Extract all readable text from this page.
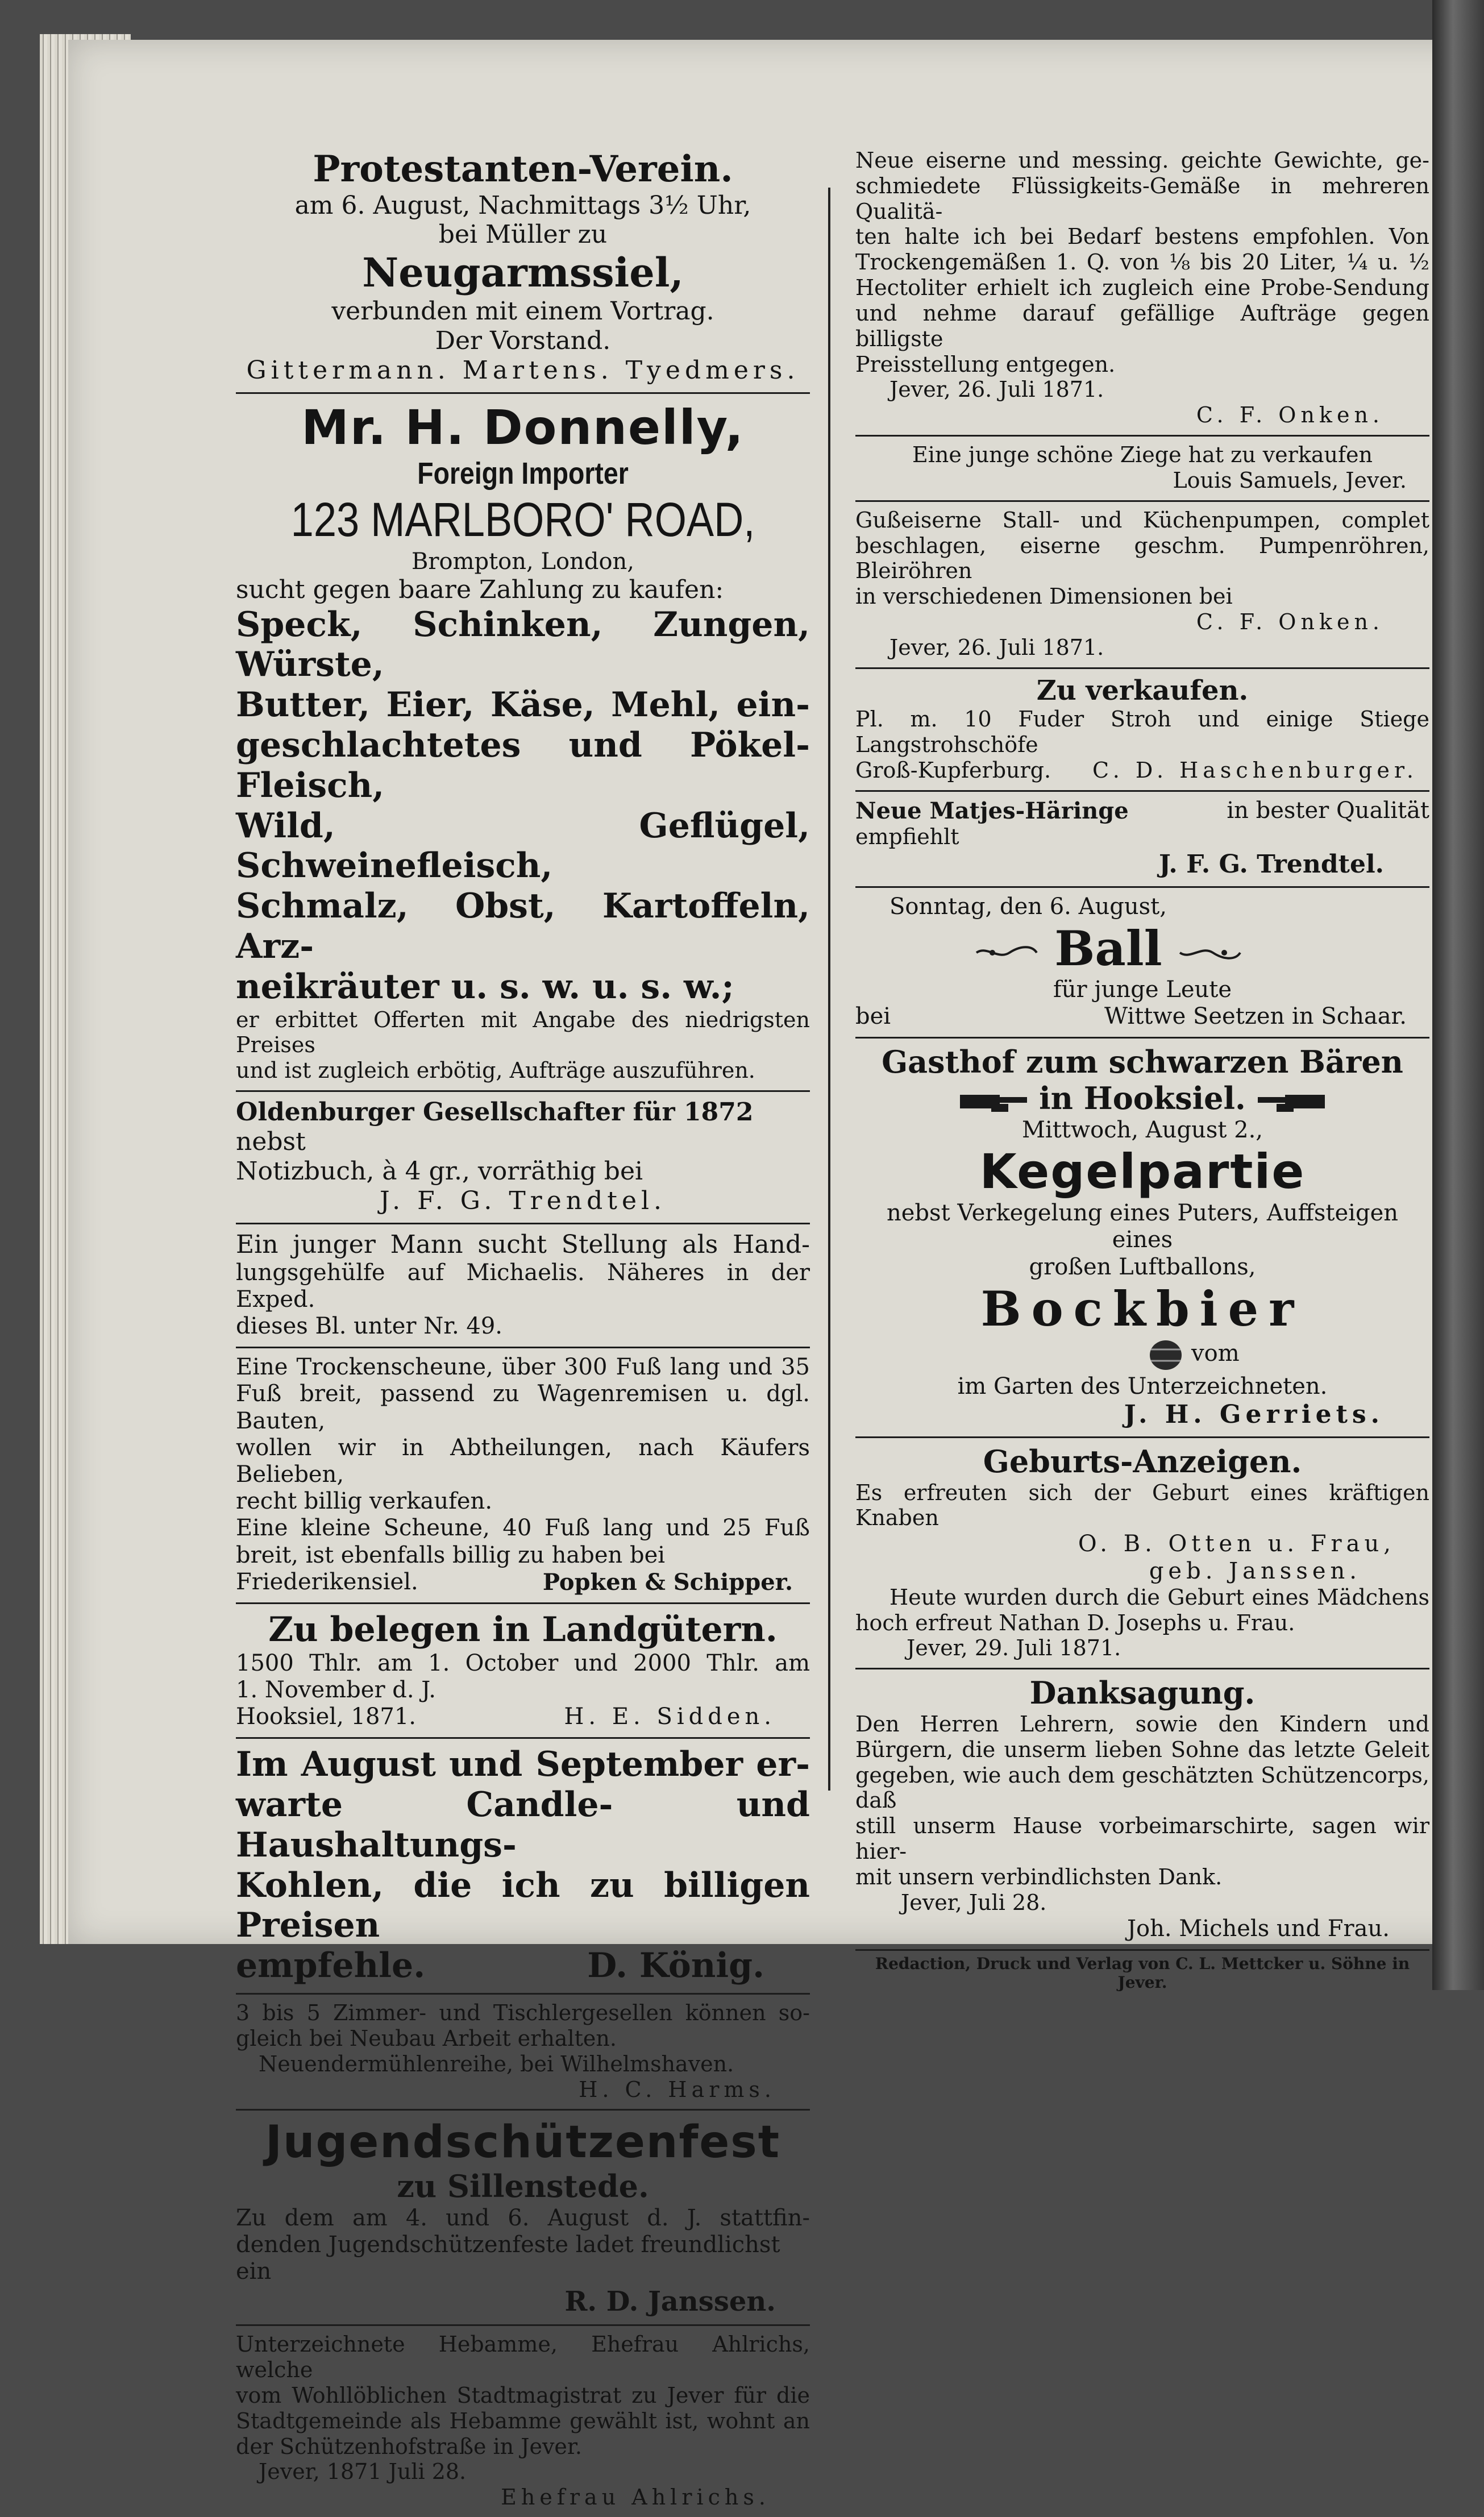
Protestanten-Verein.
am 6. August, Nachmittags 3½ Uhr,
bei Müller zu
Neugarmssiel,
verbunden mit einem Vortrag.
Der Vorstand.
Gittermann. Martens. Tyedmers.
Mr. H. Donnelly,
Foreign Importer
123 MARLBORO' ROAD,
Brompton, London,
sucht gegen baare Zahlung zu kaufen:
Speck, Schinken, Zungen, Würste,
Butter, Eier, Käse, Mehl, ein-
geschlachtetes und Pökel-Fleisch,
Wild, Geflügel, Schweinefleisch,
Schmalz, Obst, Kartoffeln, Arz-
neikräuter u. s. w. u. s. w.;
er erbittet Offerten mit Angabe des niedrigsten Preises
und ist zugleich erbötig, Aufträge auszuführen.
Oldenburger Gesellschafter für 1872 nebst
Notizbuch, à 4 gr., vorräthig bei
J. F. G. Trendtel.
Ein junger Mann sucht Stellung als Hand-
lungsgehülfe auf Michaelis. Näheres in der Exped.
dieses Bl. unter Nr. 49.
Eine Trockenscheune, über 300 Fuß lang und 35
Fuß breit, passend zu Wagenremisen u. dgl. Bauten,
wollen wir in Abtheilungen, nach Käufers Belieben,
recht billig verkaufen.
Eine kleine Scheune, 40 Fuß lang und 25 Fuß
breit, ist ebenfalls billig zu haben bei
Friederikensiel.	Popken & Schipper.
Zu belegen in Landgütern.
1500 Thlr. am 1. October und 2000 Thlr. am
1. November d. J.
Hooksiel, 1871.	H. E. Sidden.
Im August und September er-
warte Candle- und Haushaltungs-
Kohlen, die ich zu billigen Preisen
empfehle.	D. König.
3 bis 5 Zimmer- und Tischlergesellen können so-
gleich bei Neubau Arbeit erhalten.
Neuendermühlenreihe, bei Wilhelmshaven.
H. C. Harms.
Jugendschützenfest
zu Sillenstede.
Zu dem am 4. und 6. August d. J. stattfin-
denden Jugendschützenfeste ladet freundlichst ein
R. D. Janssen.
Unterzeichnete Hebamme, Ehefrau Ahlrichs, welche
vom Wohllöblichen Stadtmagistrat zu Jever für die
Stadtgemeinde als Hebamme gewählt ist, wohnt an
der Schützenhofstraße in Jever.
Jever, 1871 Juli 28.
Ehefrau Ahlrichs.
Neue eiserne und messing. geichte Gewichte, ge-
schmiedete Flüssigkeits-Gemäße in mehreren Qualitä-
ten halte ich bei Bedarf bestens empfohlen. Von
Trockengemäßen 1. Q. von ⅛ bis 20 Liter, ¼ u. ½
Hectoliter erhielt ich zugleich eine Probe-Sendung
und nehme darauf gefällige Aufträge gegen billigste
Preisstellung entgegen.
Jever, 26. Juli 1871.
C. F. Onken.
Eine junge schöne Ziege hat zu verkaufen
Louis Samuels, Jever.
Gußeiserne Stall- und Küchenpumpen, complet
beschlagen, eiserne geschm. Pumpenröhren, Bleiröhren
in verschiedenen Dimensionen bei
C. F. Onken.
Jever, 26. Juli 1871.
Zu verkaufen.
Pl. m. 10 Fuder Stroh und einige Stiege
Langstrohschöfe
Groß-Kupferburg. C. D. Haschenburger.
Neue Matjes-Häringe	in bester Qualität
empfiehlt
J. F. G. Trendtel.
Sonntag, den 6. August,
Ball
für junge Leute
bei	Wittwe Seetzen in Schaar.
Gasthof zum schwarzen Bären
in Hooksiel.
Mittwoch, August 2.,
Kegelpartie
nebst Verkegelung eines Puters, Auffsteigen eines
großen Luftballons,
Bockbier
vom
im Garten des Unterzeichneten.
J. H. Gerriets.
Geburts-Anzeigen.
Es erfreuten sich der Geburt eines kräftigen
Knaben
O. B. Otten u. Frau,
geb. Janssen.
Heute wurden durch die Geburt eines Mädchens
hoch erfreut Nathan D. Josephs u. Frau.
Jever, 29. Juli 1871.
Danksagung.
Den Herren Lehrern, sowie den Kindern und
Bürgern, die unserm lieben Sohne das letzte Geleit
gegeben, wie auch dem geschätzten Schützencorps, daß
still unserm Hause vorbeimarschirte, sagen wir hier-
mit unsern verbindlichsten Dank.
Jever, Juli 28.
Joh. Michels und Frau.
Redaction, Druck und Verlag von C. L. Mettcker u. Söhne in Jever.
